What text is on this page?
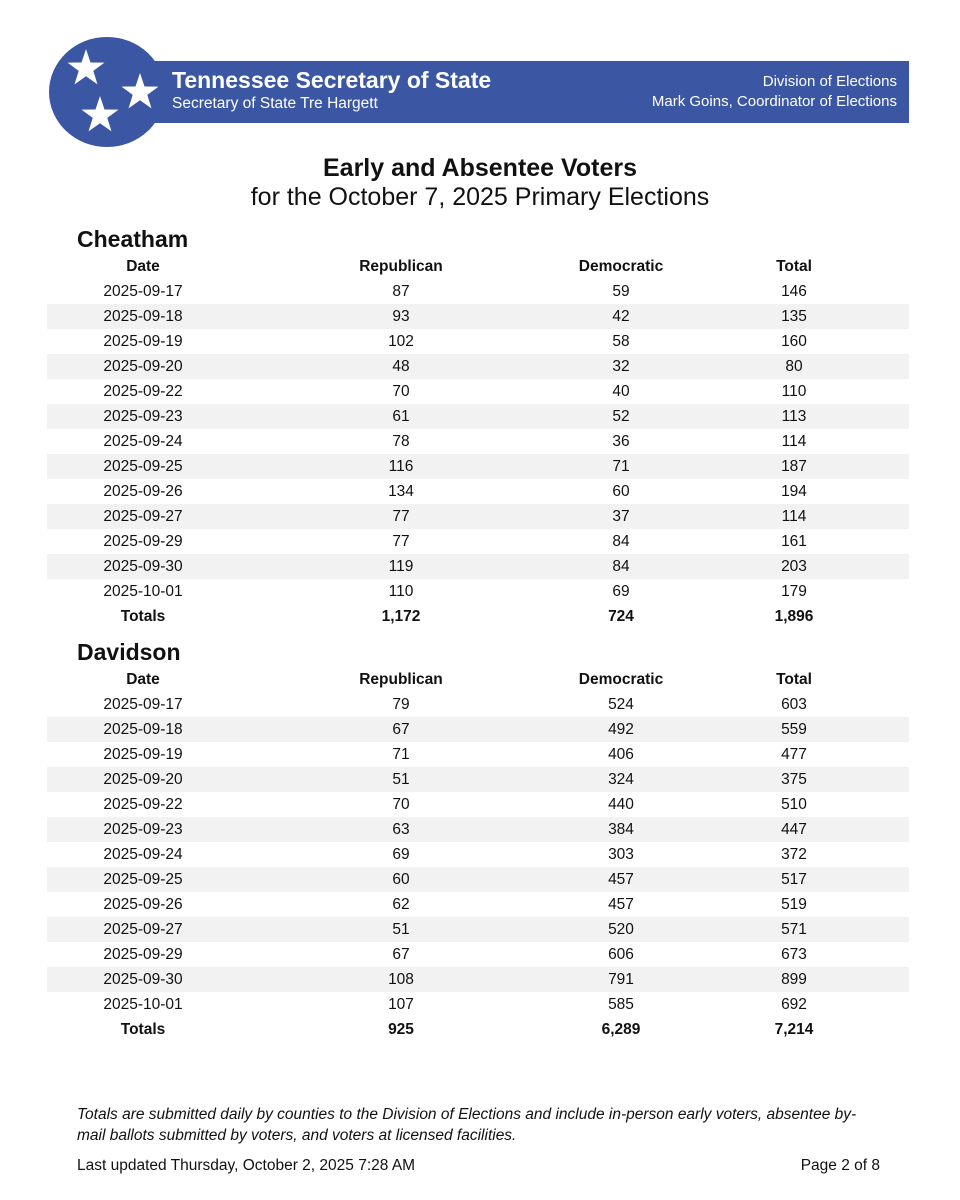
Tennessee Secretary of State
Secretary of State Tre Hargett
Division of Elections
Mark Goins, Coordinator of Elections
Early and Absentee Voters
for the October 7, 2025 Primary Elections
Cheatham
Date	Republican	Democratic	Total
2025-09-17	87	59	146
2025-09-18	93	42	135
2025-09-19	102	58	160
2025-09-20	48	32	80
2025-09-22	70	40	110
2025-09-23	61	52	113
2025-09-24	78	36	114
2025-09-25	116	71	187
2025-09-26	134	60	194
2025-09-27	77	37	114
2025-09-29	77	84	161
2025-09-30	119	84	203
2025-10-01	110	69	179
Totals	1,172	724	1,896
Davidson
Date	Republican	Democratic	Total
2025-09-17	79	524	603
2025-09-18	67	492	559
2025-09-19	71	406	477
2025-09-20	51	324	375
2025-09-22	70	440	510
2025-09-23	63	384	447
2025-09-24	69	303	372
2025-09-25	60	457	517
2025-09-26	62	457	519
2025-09-27	51	520	571
2025-09-29	67	606	673
2025-09-30	108	791	899
2025-10-01	107	585	692
Totals	925	6,289	7,214
Totals are submitted daily by counties to the Division of Elections and include in-person early voters, absentee by-mail ballots submitted by voters, and voters at licensed facilities.
Last updated Thursday, October 2, 2025 7:28 AM	Page 2 of 8
